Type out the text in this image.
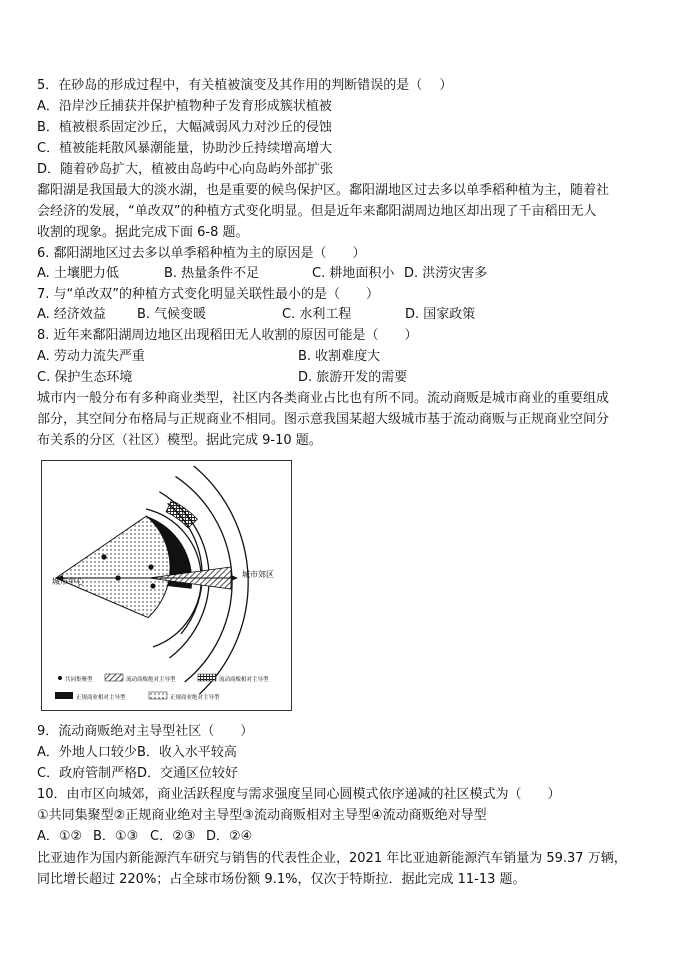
5．在砂岛的形成过程中，有关植被演变及其作用的判断错误的是（　 ）
A．沿岸沙丘捕获并保护植物种子发育形成簇状植被
B．植被根系固定沙丘，大幅减弱风力对沙丘的侵蚀
C．植被能耗散风暴潮能量，协助沙丘持续增高增大
D．随着砂岛扩大，植被由岛屿中心向岛屿外部扩张
鄱阳湖是我国最大的淡水湖，也是重要的候鸟保护区。鄱阳湖地区过去多以单季稻种植为主，随着社
会经济的发展，“单改双”的种植方式变化明显。但是近年来鄱阳湖周边地区却出现了千亩稻田无人
收割的现象。据此完成下面 6-8 题。
6. 鄱阳湖地区过去多以单季稻种植为主的原因是（　　）
A. 土壤肥力低	B. 热量条件不足	C. 耕地面积小 D. 洪涝灾害多
7. 与“单改双”的种植方式变化明显关联性最小的是（　　）
A. 经济效益 B. 气候变暖	C. 水利工程	D. 国家政策
8. 近年来鄱阳湖周边地区出现稻田无人收割的原因可能是（　　）
A. 劳动力流失严重	B. 收割难度大
C. 保护生态环境	D. 旅游开发的需要
城市内一般分布有多种商业类型，社区内各类商业占比也有所不同。流动商贩是城市商业的重要组成
部分，其空间分布格局与正规商业不相同。图示意我国某超大级城市基于流动商贩与正规商业空间分
布关系的分区（社区）模型。据此完成 9-10 题。
城市中心
城市郊区
共同集聚型	流动商贩绝对主导型	流动商贩相对主导型
正规商业相对主导型	正规商业绝对主导型
9．流动商贩绝对主导型社区（　　）
A．外地人口较少 B．收入水平较高
C．政府管制严格 D．交通区位较好
10．由市区向城郊，商业活跃程度与需求强度呈同心圆模式依序递减的社区模式为（　　）
①共同集聚型②正规商业绝对主导型③流动商贩相对主导型④流动商贩绝对导型
A．①② B．①③ C．②③ D．②④
比亚迪作为国内新能源汽车研究与销售的代表性企业，2021 年比亚迪新能源汽车销量为 59.37 万辆，
同比增长超过 220%；占全球市场份额 9.1%，仅次于特斯拉．据此完成 11-13 题。
